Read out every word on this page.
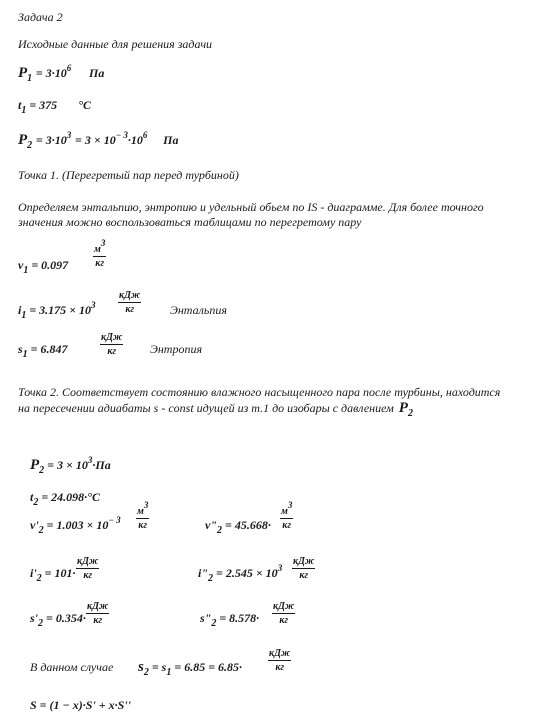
Задача 2
Исходные данные для решения задачи
$P_1 = 3\cdot 10^6$ Па
$t_1 = 375$ °C
$P_2 = 3\cdot 10^3 = 3 \times 10^{- 3}\cdot 10^6$ Па
Точка 1. (Перегретый пар перед турбиной)
Определяем энтальпию, энтропию и удельный обьем по IS - диаграмме. Для более точного
значения можно воспользоваться таблицами по перегретому пару
$v_1 = 0.097$
$м^3$
кг
$i_1 = 3.175 \times 10^3$
кДж
кг	Энтальпия
$s_1 = 6.847$
кДж
кг	Энтропия
Точка 2. Соответствует состоянию влажного насыщенного пара после турбины, находится
на пересечении адиабаты s - const идущей из т.1 до изобары с давлением $P_2$
$P_2 = 3 \times 10^3\cdot Па$
$t_2 = 24.098\cdot^\circ C$
$v'_2 = 1.003 \times 10^{- 3}$
$м^3$
кг	$v"_2 = 45.668\cdot$
$м^3$
кг
$i'_2 = 101\cdot$
кДж
кг	$i"_2 = 2.545 \times 10^3$
кДж
кг
$s'_2 = 0.354\cdot$
кДж
кг	$s"_2 = 8.578\cdot$
кДж
кг
В данном случае $s_2 = s_1 = 6.85 = 6.85\cdot$
кДж
кг
S = (1 − x)·S' + x·S''
